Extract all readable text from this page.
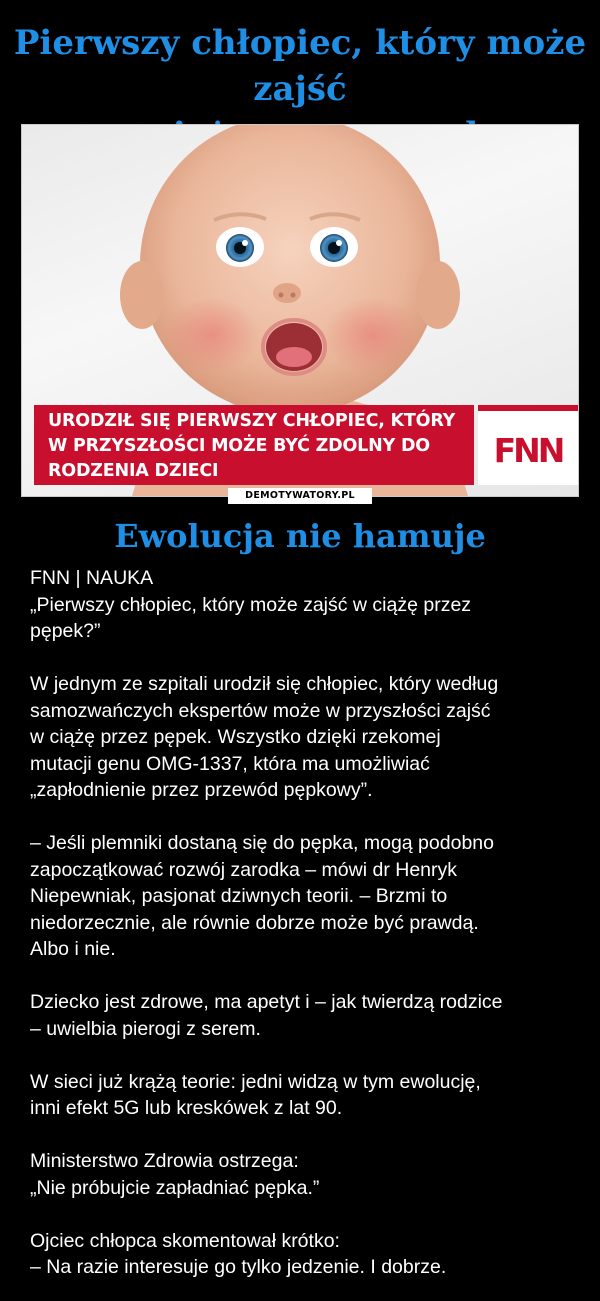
Pierwszy chłopiec, który może zajść
URODZIŁ SIĘ PIERWSZY CHŁOPIEC, KTÓRY
W PRZYSZŁOŚCI MOŻE BYĆ ZDOLNY DO
RODZENIA DZIECI
FNN
DEMOTYWATORY.PL
Ewolucja nie hamuje
FNN | NAUKA
„Pierwszy chłopiec, który może zajść w ciążę przez
pępek?”
W jednym ze szpitali urodził się chłopiec, który według
samozwańczych ekspertów może w przyszłości zajść
w ciążę przez pępek. Wszystko dzięki rzekomej
mutacji genu OMG-1337, która ma umożliwiać
„zapłodnienie przez przewód pępkowy”.
– Jeśli plemniki dostaną się do pępka, mogą podobno
zapoczątkować rozwój zarodka – mówi dr Henryk
Niepewniak, pasjonat dziwnych teorii. – Brzmi to
niedorzecznie, ale równie dobrze może być prawdą.
Albo i nie.
Dziecko jest zdrowe, ma apetyt i – jak twierdzą rodzice
– uwielbia pierogi z serem.
W sieci już krążą teorie: jedni widzą w tym ewolucję,
inni efekt 5G lub kreskówek z lat 90.
Ministerstwo Zdrowia ostrzega:
„Nie próbujcie zapładniać pępka.”
Ojciec chłopca skomentował krótko:
– Na razie interesuje go tylko jedzenie. I dobrze.
